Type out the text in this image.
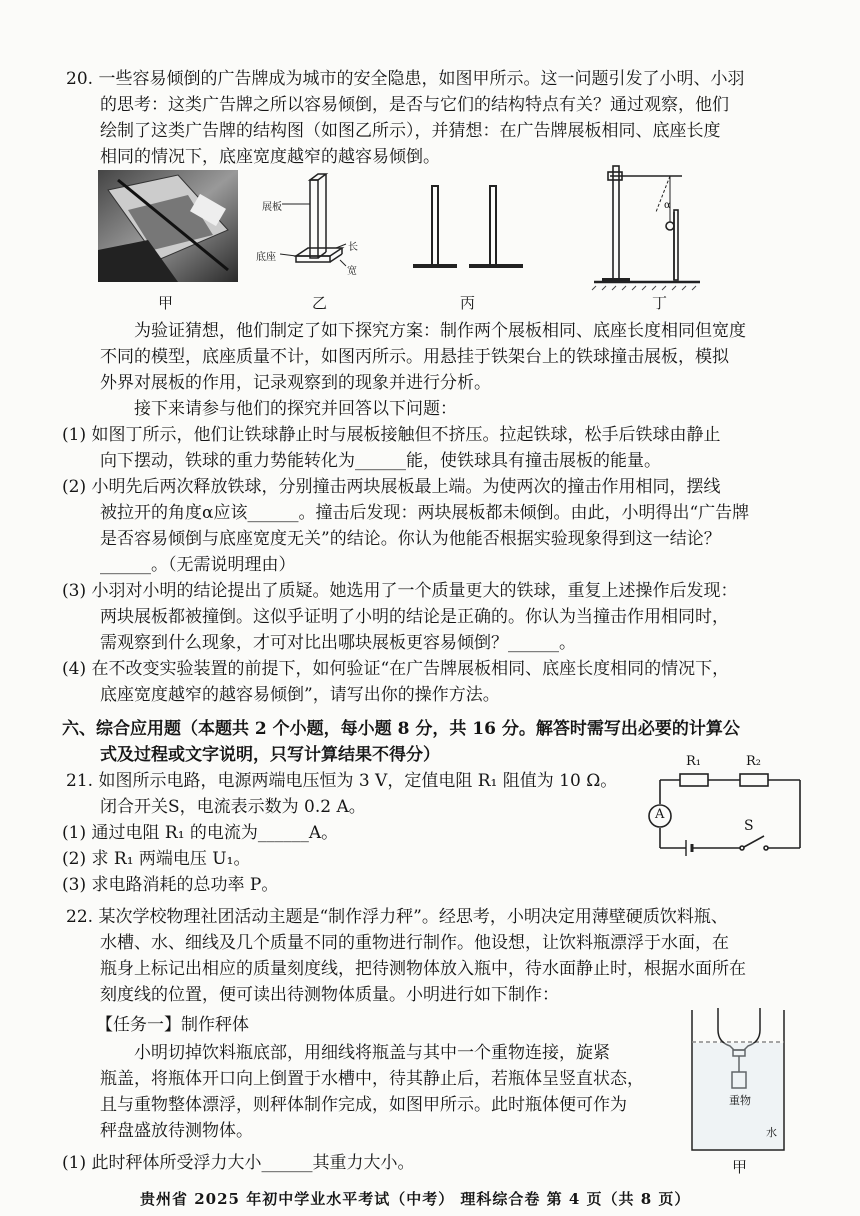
20. 一些容易倾倒的广告牌成为城市的安全隐患，如图甲所示。这一问题引发了小明、小羽
的思考：这类广告牌之所以容易倾倒，是否与它们的结构特点有关？通过观察，他们
绘制了这类广告牌的结构图（如图乙所示），并猜想：在广告牌展板相同、底座长度
相同的情况下，底座宽度越窄的越容易倾倒。
甲
展板
底座
长
宽
乙	丙
α
丁
为验证猜想，他们制定了如下探究方案：制作两个展板相同、底座长度相同但宽度
不同的模型，底座质量不计，如图丙所示。用悬挂于铁架台上的铁球撞击展板，模拟
外界对展板的作用，记录观察到的现象并进行分析。
接下来请参与他们的探究并回答以下问题：
(1) 如图丁所示，他们让铁球静止时与展板接触但不挤压。拉起铁球，松手后铁球由静止
向下摆动，铁球的重力势能转化为______能，使铁球具有撞击展板的能量。
(2) 小明先后两次释放铁球，分别撞击两块展板最上端。为使两次的撞击作用相同，摆线
被拉开的角度α应该______。撞击后发现：两块展板都未倾倒。由此，小明得出“广告牌
是否容易倾倒与底座宽度无关”的结论。你认为他能否根据实验现象得到这一结论？
______。（无需说明理由）
(3) 小羽对小明的结论提出了质疑。她选用了一个质量更大的铁球，重复上述操作后发现：
两块展板都被撞倒。这似乎证明了小明的结论是正确的。你认为当撞击作用相同时，
需观察到什么现象，才可对比出哪块展板更容易倾倒？______。
(4) 在不改变实验装置的前提下，如何验证“在广告牌展板相同、底座长度相同的情况下，
底座宽度越窄的越容易倾倒”，请写出你的操作方法。
六、综合应用题（本题共 2 个小题，每小题 8 分，共 16 分。解答时需写出必要的计算公
式及过程或文字说明，只写计算结果不得分）
21. 如图所示电路，电源两端电压恒为 3 V，定值电阻 R₁ 阻值为 10 Ω。
闭合开关S，电流表示数为 0.2 A。
(1) 通过电阻 R₁ 的电流为______A。
(2) 求 R₁ 两端电压 U₁。
(3) 求电路消耗的总功率 P。
R₁	R₂
A
S
22. 某次学校物理社团活动主题是“制作浮力秤”。经思考，小明决定用薄壁硬质饮料瓶、
水槽、水、细线及几个质量不同的重物进行制作。他设想，让饮料瓶漂浮于水面，在
瓶身上标记出相应的质量刻度线，把待测物体放入瓶中，待水面静止时，根据水面所在
刻度线的位置，便可读出待测物体质量。小明进行如下制作：
【任务一】制作秤体
小明切掉饮料瓶底部，用细线将瓶盖与其中一个重物连接，旋紧
瓶盖，将瓶体开口向上倒置于水槽中，待其静止后，若瓶体呈竖直状态，
且与重物整体漂浮，则秤体制作完成，如图甲所示。此时瓶体便可作为
秤盘盛放待测物体。
(1) 此时秤体所受浮力大小______其重力大小。
重物
水
甲
贵州省 2025 年初中学业水平考试（中考） 理科综合卷 第 4 页（共 8 页）
